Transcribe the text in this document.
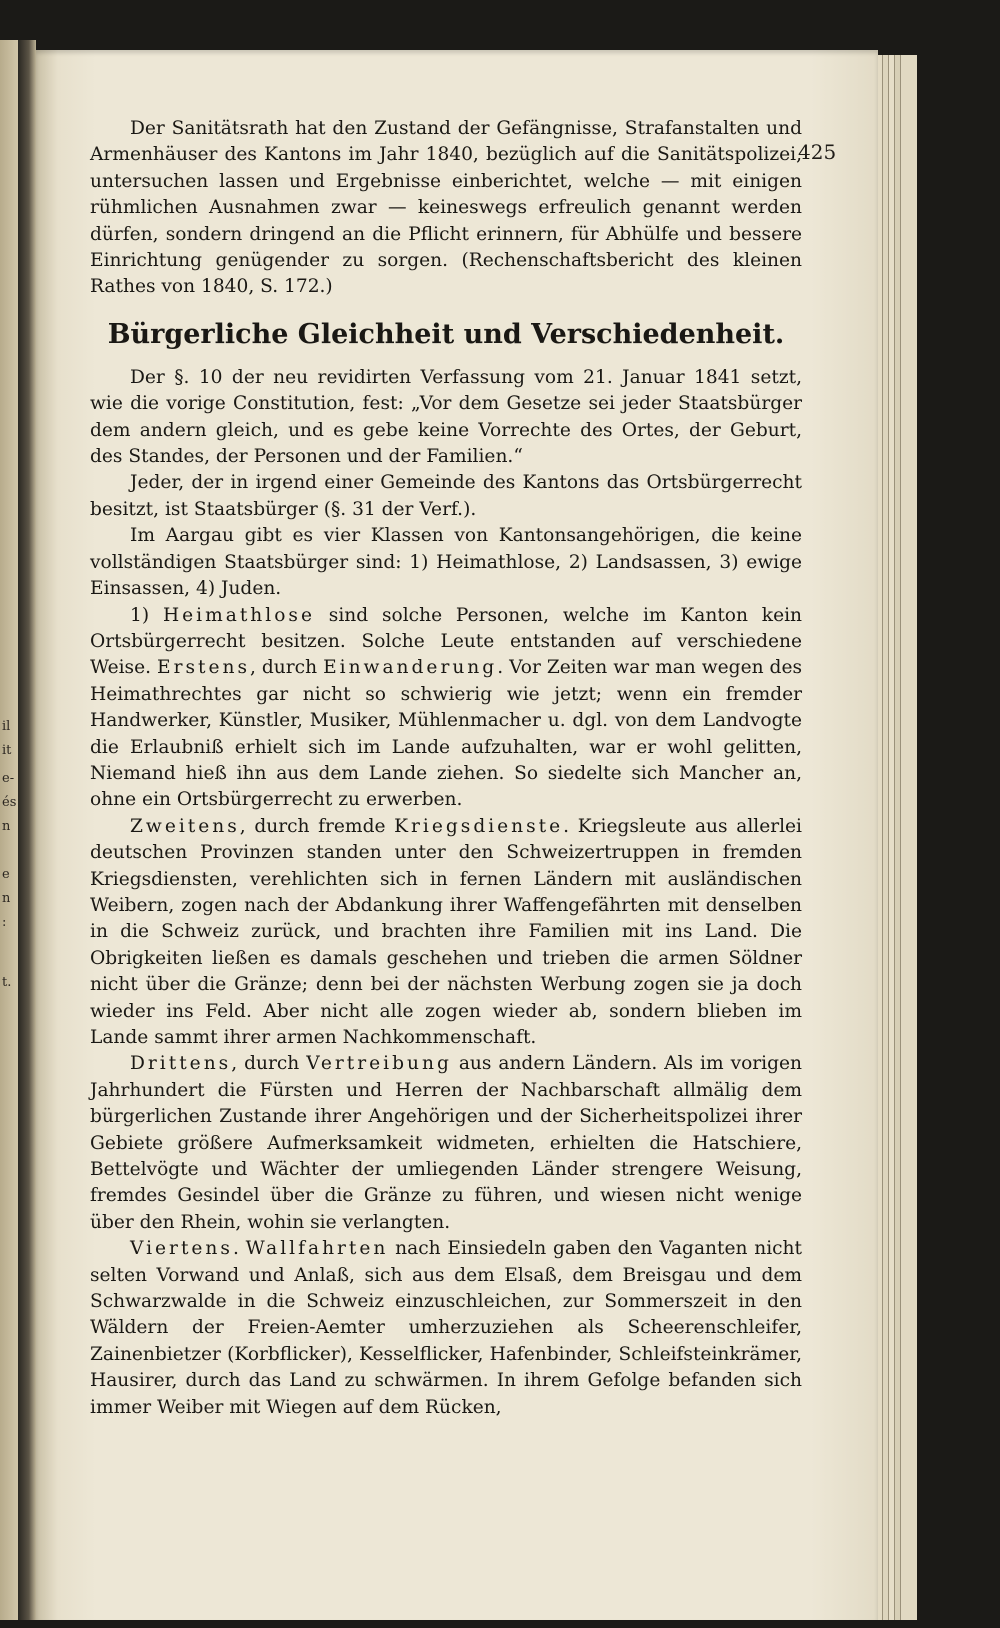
il
it
e-
és
n
e
n
:
t.
425

Der Sanitätsrath hat den Zustand der Gefängnisse, Strafanstalten und Armenhäuser des Kantons im Jahr 1840, bezüglich auf die Sanitätspolizei, untersuchen lassen und Ergebnisse einberichtet, welche — mit einigen rühmlichen Ausnahmen zwar — keineswegs erfreulich genannt werden dürfen, sondern dringend an die Pflicht erinnern, für Abhülfe und bessere Einrichtung genügender zu sorgen. (Rechenschaftsbericht des kleinen Rathes von 1840, S. 172.)

Bürgerliche Gleichheit und Verschiedenheit.

Der §. 10 der neu revidirten Verfassung vom 21. Januar 1841 setzt, wie die vorige Constitution, fest: „Vor dem Gesetze sei jeder Staatsbürger dem andern gleich, und es gebe keine Vorrechte des Ortes, der Geburt, des Standes, der Personen und der Familien.“

Jeder, der in irgend einer Gemeinde des Kantons das Ortsbürgerrecht besitzt, ist Staatsbürger (§. 31 der Verf.).

Im Aargau gibt es vier Klassen von Kantonsangehörigen, die keine vollständigen Staatsbürger sind: 1) Heimathlose, 2) Landsassen, 3) ewige Einsassen, 4) Juden.

1) Heimathlose sind solche Personen, welche im Kanton kein Ortsbürgerrecht besitzen. Solche Leute entstanden auf verschiedene Weise. Erstens, durch Einwanderung. Vor Zeiten war man wegen des Heimathrechtes gar nicht so schwierig wie jetzt; wenn ein fremder Handwerker, Künstler, Musiker, Mühlenmacher u. dgl. von dem Landvogte die Erlaubniß erhielt sich im Lande aufzuhalten, war er wohl gelitten, Niemand hieß ihn aus dem Lande ziehen. So siedelte sich Mancher an, ohne ein Ortsbürgerrecht zu erwerben.

Zweitens, durch fremde Kriegsdienste. Kriegsleute aus allerlei deutschen Provinzen standen unter den Schweizertruppen in fremden Kriegsdiensten, verehlichten sich in fernen Ländern mit ausländischen Weibern, zogen nach der Abdankung ihrer Waffengefährten mit denselben in die Schweiz zurück, und brachten ihre Familien mit ins Land. Die Obrigkeiten ließen es damals geschehen und trieben die armen Söldner nicht über die Gränze; denn bei der nächsten Werbung zogen sie ja doch wieder ins Feld. Aber nicht alle zogen wieder ab, sondern blieben im Lande sammt ihrer armen Nachkommenschaft.

Drittens, durch Vertreibung aus andern Ländern. Als im vorigen Jahrhundert die Fürsten und Herren der Nachbarschaft allmälig dem bürgerlichen Zustande ihrer Angehörigen und der Sicherheitspolizei ihrer Gebiete größere Aufmerksamkeit widmeten, erhielten die Hatschiere, Bettelvögte und Wächter der umliegenden Länder strengere Weisung, fremdes Gesindel über die Gränze zu führen, und wiesen nicht wenige über den Rhein, wohin sie verlangten.

Viertens. Wallfahrten nach Einsiedeln gaben den Vaganten nicht selten Vorwand und Anlaß, sich aus dem Elsaß, dem Breisgau und dem Schwarzwalde in die Schweiz einzuschleichen, zur Sommerszeit in den Wäldern der Freien-Aemter umherzuziehen als Scheerenschleifer, Zainenbietzer (Korbflicker), Kesselflicker, Hafenbinder, Schleifsteinkrämer, Hausirer, durch das Land zu schwärmen. In ihrem Gefolge befanden sich immer Weiber mit Wiegen auf dem Rücken,
